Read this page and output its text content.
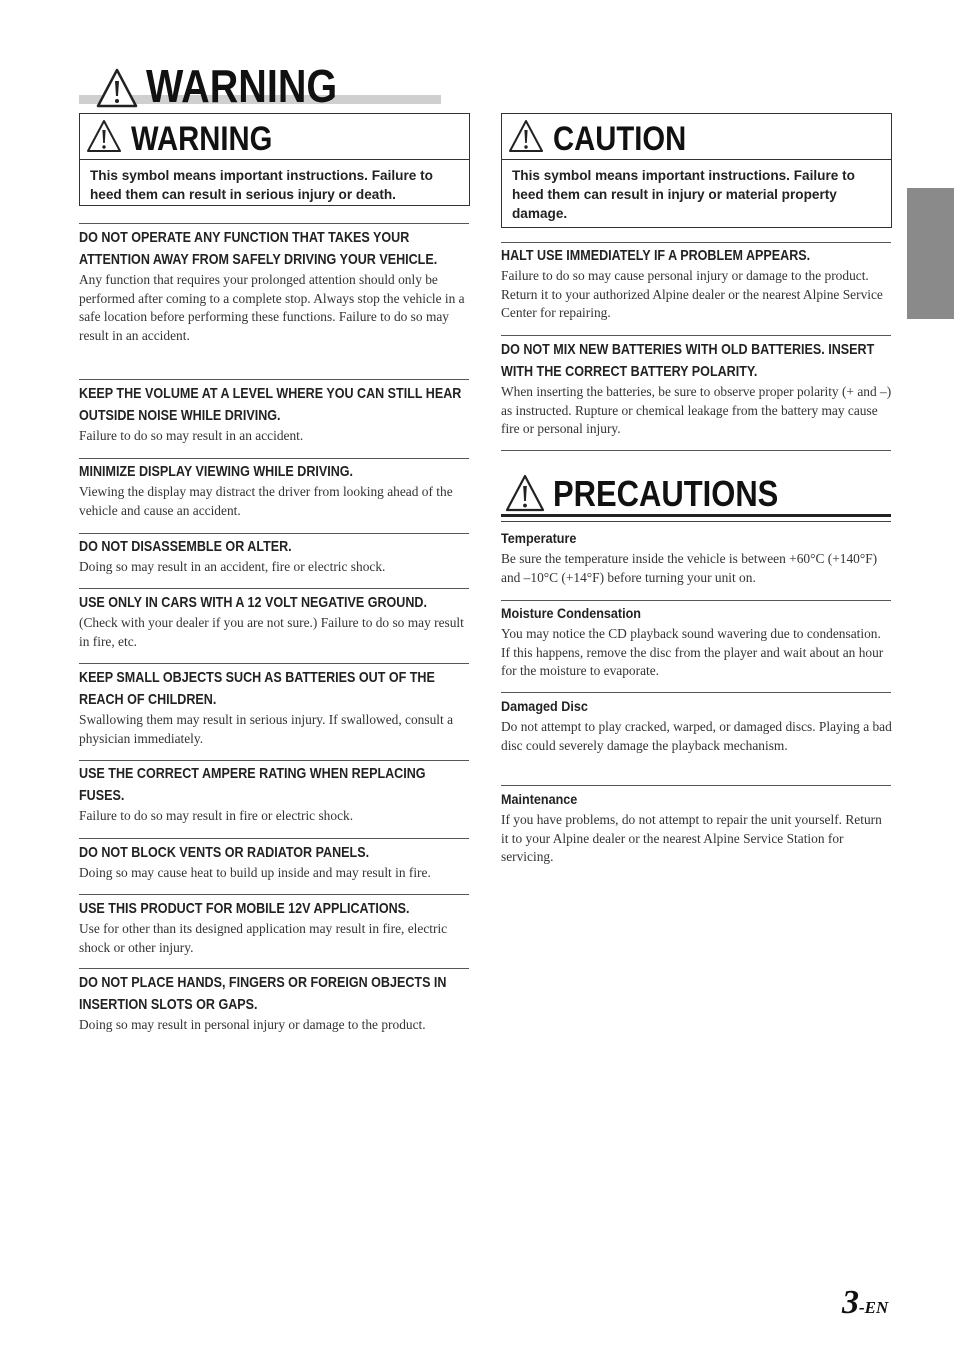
WARNING
WARNING
This symbol means important instructions. Failure to heed them can result in serious injury or death.
CAUTION
This symbol means important instructions. Failure to heed them can result in injury or material property damage.
DO NOT OPERATE ANY FUNCTION THAT TAKES YOUR ATTENTION AWAY FROM SAFELY DRIVING YOUR VEHICLE.
Any function that requires your prolonged attention should only be performed after coming to a complete stop. Always stop the vehicle in a safe location before performing these functions. Failure to do so may result in an accident.
KEEP THE VOLUME AT A LEVEL WHERE YOU CAN STILL HEAR OUTSIDE NOISE WHILE DRIVING.
Failure to do so may result in an accident.
MINIMIZE DISPLAY VIEWING WHILE DRIVING.
Viewing the display may distract the driver from looking ahead of the vehicle and cause an accident.
DO NOT DISASSEMBLE OR ALTER.
Doing so may result in an accident, fire or electric shock.
USE ONLY IN CARS WITH A 12 VOLT NEGATIVE GROUND.
(Check with your dealer if you are not sure.) Failure to do so may result in fire, etc.
KEEP SMALL OBJECTS SUCH AS BATTERIES OUT OF THE REACH OF CHILDREN.
Swallowing them may result in serious injury. If swallowed, consult a physician immediately.
USE THE CORRECT AMPERE RATING WHEN REPLACING FUSES.
Failure to do so may result in fire or electric shock.
DO NOT BLOCK VENTS OR RADIATOR PANELS.
Doing so may cause heat to build up inside and may result in fire.
USE THIS PRODUCT FOR MOBILE 12V APPLICATIONS.
Use for other than its designed application may result in fire, electric shock or other injury.
DO NOT PLACE HANDS, FINGERS OR FOREIGN OBJECTS IN INSERTION SLOTS OR GAPS.
Doing so may result in personal injury or damage to the product.
HALT USE IMMEDIATELY IF A PROBLEM APPEARS.
Failure to do so may cause personal injury or damage to the product. Return it to your authorized Alpine dealer or the nearest Alpine Service Center for repairing.
DO NOT MIX NEW BATTERIES WITH OLD BATTERIES. INSERT WITH THE CORRECT BATTERY POLARITY.
When inserting the batteries, be sure to observe proper polarity (+ and –) as instructed. Rupture or chemical leakage from the battery may cause fire or personal injury.
PRECAUTIONS
Temperature
Be sure the temperature inside the vehicle is between +60°C (+140°F) and –10°C (+14°F) before turning your unit on.
Moisture Condensation
You may notice the CD playback sound wavering due to condensation. If this happens, remove the disc from the player and wait about an hour for the moisture to evaporate.
Damaged Disc
Do not attempt to play cracked, warped, or damaged discs. Playing a bad disc could severely damage the playback mechanism.
Maintenance
If you have problems, do not attempt to repair the unit yourself. Return it to your Alpine dealer or the nearest Alpine Service Station for servicing.
3-EN
